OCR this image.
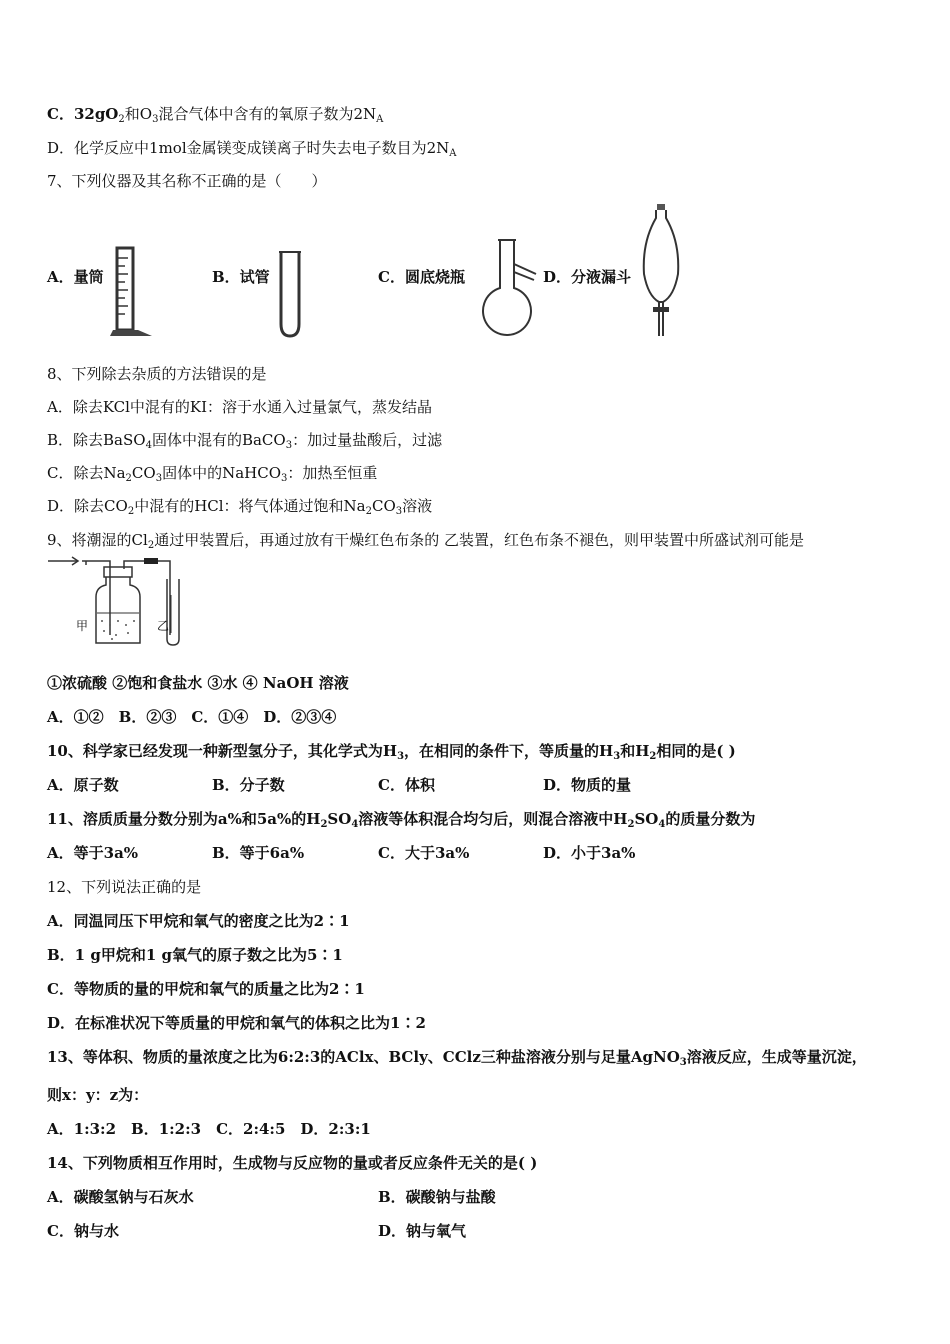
C．$32gO_2$和$O_3$混合气体中含有的氧原子数为$2N_A$
D．化学反应中1mol金属镁变成镁离子时失去电子数目为$2N_A$
7、下列仪器及其名称不正确的是（　　）
A．量筒	B．试管	C．圆底烧瓶	D．分液漏斗
8、下列除去杂质的方法错误的是
A．除去KCl中混有的KI：溶于水通入过量氯气，蒸发结晶
B．除去BaSO$_4$固体中混有的BaCO$_3$：加过量盐酸后，过滤
C．除去$Na_2CO_3$固体中的NaHCO$_3$：加热至恒重
D．除去$CO_2$中混有的HCl：将气体通过饱和$Na_2CO_3$溶液
9、将潮湿的$Cl_2$通过甲装置后，再通过放有干燥红色布条的 乙装置，红色布条不褪色，则甲装置中所盛试剂可能是
甲	乙
①浓硫酸 ②饱和食盐水 ③水 ④ NaOH 溶液
A．①②　B．②③　C．①④　D．②③④
10、科学家已经发现一种新型氢分子，其化学式为$H_3$，在相同的条件下，等质量的$H_3$和$H_2$相同的是( )
A．原子数	B．分子数	C．体积	D．物质的量
11、溶质质量分数分别为a%和5a%的$H_2SO_4$溶液等体积混合均匀后，则混合溶液中$H_2SO_4$的质量分数为
A．等于3a%	B．等于6a%	C．大于3a%	D．小于3a%
12、下列说法正确的是
A．同温同压下甲烷和氧气的密度之比为2∶1
B．1 g甲烷和1 g氧气的原子数之比为5∶1
C．等物质的量的甲烷和氧气的质量之比为2∶1
D．在标准状况下等质量的甲烷和氧气的体积之比为1∶2
13、等体积、物质的量浓度之比为6:2:3的AClx、BCly、CClz三种盐溶液分别与足量AgNO$_3$溶液反应，生成等量沉淀，
则x：y：z为：
A．1:3:2　B．1:2:3　C．2:4:5　D．2:3:1
14、下列物质相互作用时，生成物与反应物的量或者反应条件无关的是( )
A．碳酸氢钠与石灰水	B．碳酸钠与盐酸
C．钠与水	D．钠与氧气
